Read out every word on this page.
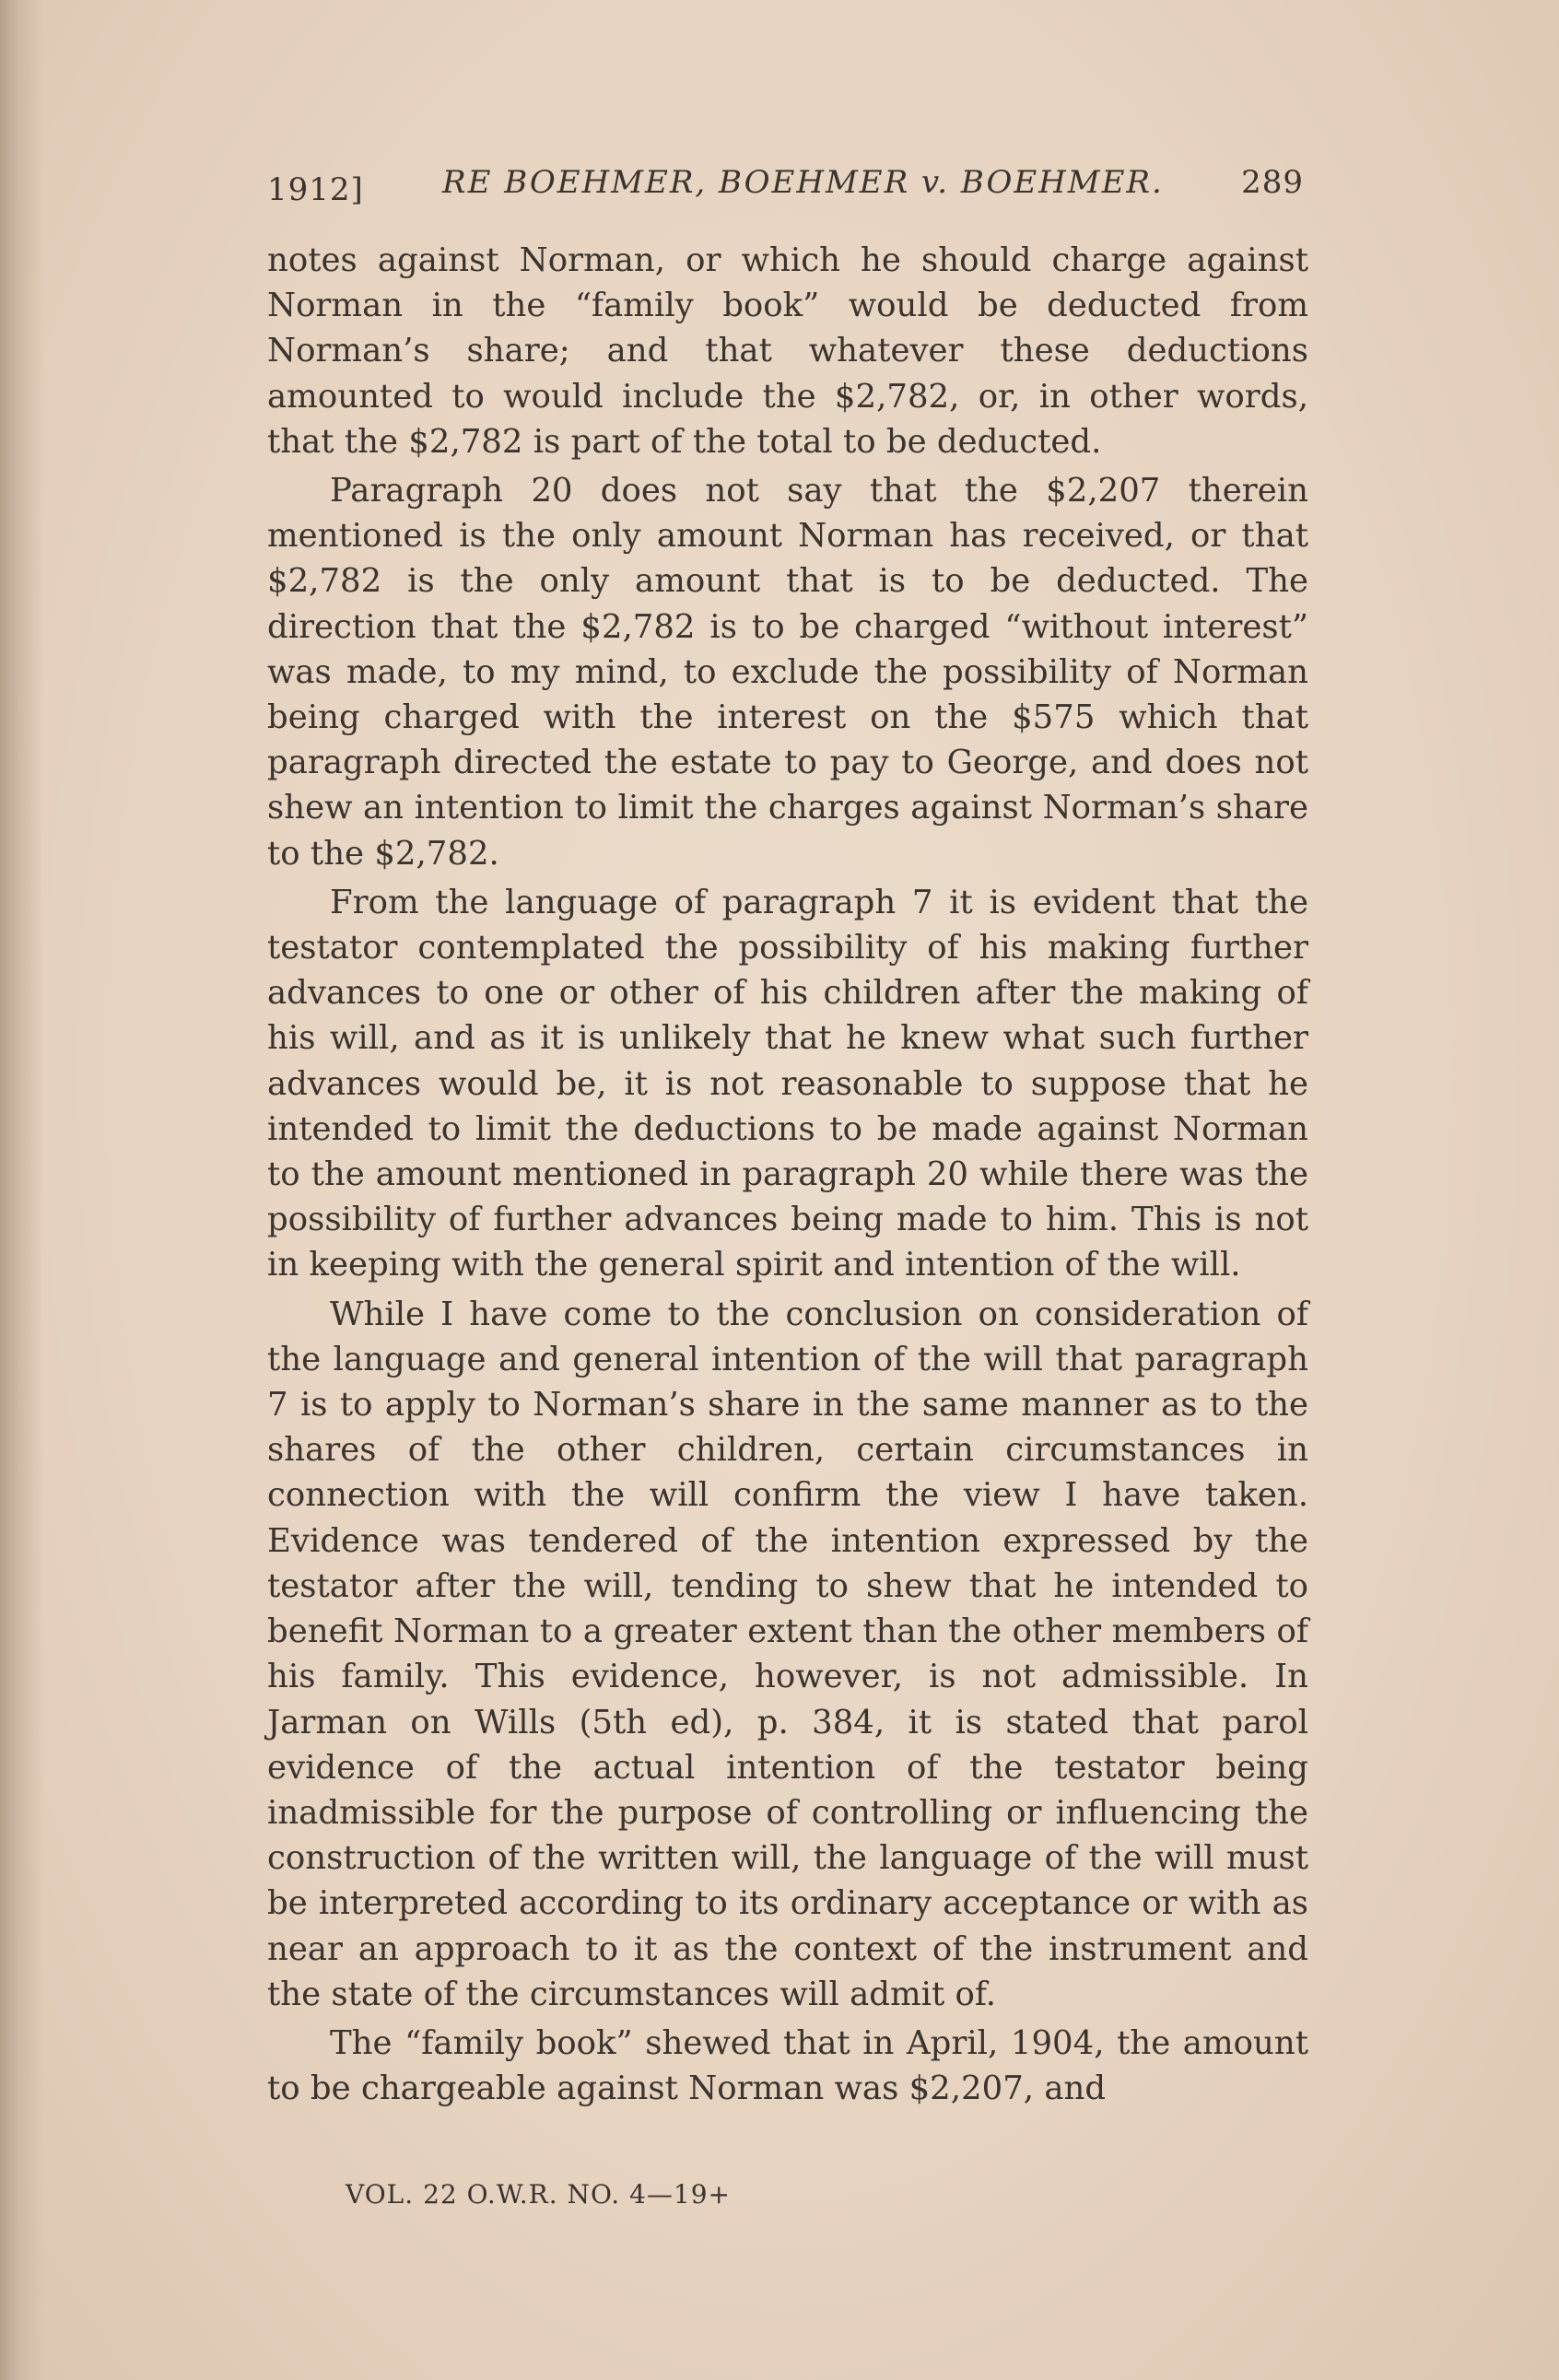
1912]	RE BOEHMER, BOEHMER v. BOEHMER. 289

notes against Norman, or which he should charge against Norman in the “family book” would be deducted from Norman’s share; and that whatever these deductions amounted to would include the $2,782, or, in other words, that the $2,782 is part of the total to be deducted.

Paragraph 20 does not say that the $2,207 therein mentioned is the only amount Norman has received, or that $2,782 is the only amount that is to be deducted. The direction that the $2,782 is to be charged “without interest” was made, to my mind, to exclude the possibility of Norman being charged with the interest on the $575 which that paragraph directed the estate to pay to George, and does not shew an intention to limit the charges against Norman’s share to the $2,782.

From the language of paragraph 7 it is evident that the testator contemplated the possibility of his making further advances to one or other of his children after the making of his will, and as it is unlikely that he knew what such further advances would be, it is not reasonable to suppose that he intended to limit the deductions to be made against Norman to the amount mentioned in paragraph 20 while there was the possibility of further advances being made to him. This is not in keeping with the general spirit and intention of the will.

While I have come to the conclusion on consideration of the language and general intention of the will that paragraph 7 is to apply to Norman’s share in the same manner as to the shares of the other children, certain circumstances in connection with the will confirm the view I have taken. Evidence was tendered of the intention expressed by the testator after the will, tending to shew that he intended to benefit Norman to a greater extent than the other members of his family. This evidence, however, is not admissible. In Jarman on Wills (5th ed), p. 384, it is stated that parol evidence of the actual intention of the testator being inadmissible for the purpose of controlling or influencing the construction of the written will, the language of the will must be interpreted according to its ordinary acceptance or with as near an approach to it as the context of the instrument and the state of the circumstances will admit of.

The “family book” shewed that in April, 1904, the amount to be chargeable against Norman was $2,207, and

VOL. 22 O.W.R. NO. 4—19+
